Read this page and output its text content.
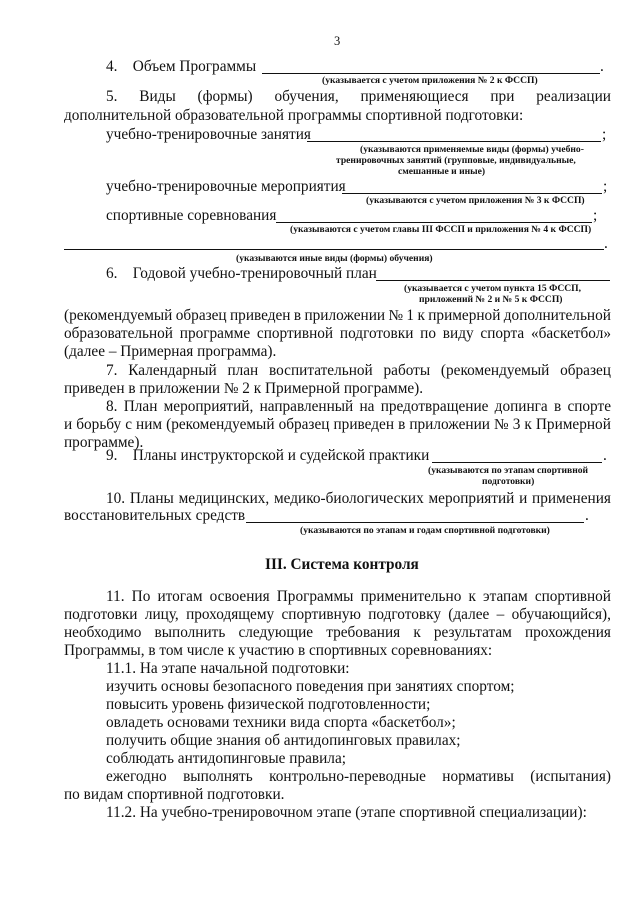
3
4.    Объем Программы	.
(указывается с учетом приложения № 2 к ФССП)
5. Виды (формы) обучения, применяющиеся при реализации
дополнительной образовательной программы спортивной подготовки:
учебно-тренировочные занятия	;
(указываются применяемые виды (формы) учебно-
тренировочных занятий (групповые, индивидуальные,
смешанные и иные)
учебно-тренировочные мероприятия	;
(указываются с учетом приложения № 3 к ФССП)
спортивные соревнования	;
(указываются с учетом главы III ФССП и приложения № 4 к ФССП)
.
(указываются иные виды (формы) обучения)
6.    Годовой учебно-тренировочный план
(указывается с учетом пункта 15 ФССП,
приложений № 2 и № 5 к ФССП)
(рекомендуемый образец приведен в приложении № 1 к примерной дополнительной
образовательной программе спортивной подготовки по виду спорта «баскетбол»
(далее – Примерная программа).
7. Календарный план воспитательной работы (рекомендуемый образец
приведен в приложении № 2 к Примерной программе).
8. План мероприятий, направленный на предотвращение допинга в спорте
и борьбу с ним (рекомендуемый образец приведен в приложении № 3 к Примерной
программе).
9.    Планы инструкторской и судейской практики	.
(указываются по этапам спортивной
подготовки)
10. Планы медицинских, медико-биологических мероприятий и применения
восстановительных средств	.
(указываются по этапам и годам спортивной подготовки)
III. Система контроля
11. По итогам освоения Программы применительно к этапам спортивной
подготовки лицу, проходящему спортивную подготовку (далее – обучающийся),
необходимо выполнить следующие требования к результатам прохождения
Программы, в том числе к участию в спортивных соревнованиях:
11.1. На этапе начальной подготовки:
изучить основы безопасного поведения при занятиях спортом;
повысить уровень физической подготовленности;
овладеть основами техники вида спорта «баскетбол»;
получить общие знания об антидопинговых правилах;
соблюдать антидопинговые правила;
ежегодно выполнять контрольно-переводные нормативы (испытания)
по видам спортивной подготовки.
11.2. На учебно-тренировочном этапе (этапе спортивной специализации):
